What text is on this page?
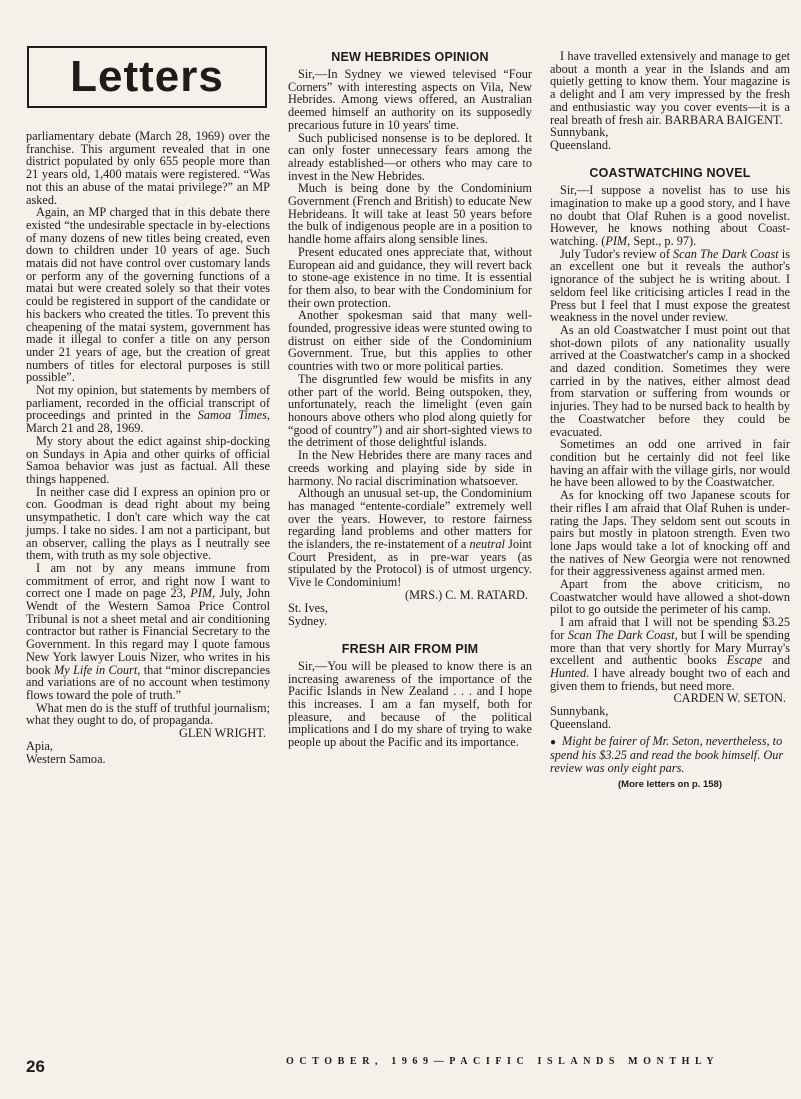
Letters

parliamentary debate (March 28, 1969) over the franchise. This argument revealed that in one district populated by only 655 people more than 21 years old, 1,400 matais were registered. “Was not this an abuse of the matai privilege?” an MP asked.

Again, an MP charged that in this debate there existed “the undesirable spectacle in by-elections of many dozens of new titles being created, even down to children under 10 years of age. Such matais did not have control over customary lands or perform any of the governing functions of a matai but were created solely so that their votes could be registered in support of the candidate or his backers who created the titles. To prevent this cheapening of the matai system, government has made it illegal to confer a title on any person under 21 years of age, but the creation of great numbers of titles for electoral purposes is still possible”.

Not my opinion, but statements by members of parliament, recorded in the official transcript of proceedings and printed in the Samoa Times, March 21 and 28, 1969.

My story about the edict against ship-docking on Sundays in Apia and other quirks of official Samoa behavior was just as factual. All these things happened.

In neither case did I express an opinion pro or con. Goodman is dead right about my being unsympathetic. I don't care which way the cat jumps. I take no sides. I am not a participant, but an observer, calling the plays as I neutrally see them, with truth as my sole objective.

I am not by any means immune from commitment of error, and right now I want to correct one I made on page 23, PIM, July, John Wendt of the Western Samoa Price Control Tribunal is not a sheet metal and air conditioning contractor but rather is Financial Secretary to the Government. In this regard may I quote famous New York lawyer Louis Nizer, who writes in his book My Life in Court, that “minor discrepancies and variations are of no account when testimony flows toward the pole of truth.”

What men do is the stuff of truthful journalism; what they ought to do, of propaganda.

GLEN WRIGHT.

Apia,

Western Samoa.

NEW HEBRIDES OPINION

Sir,—In Sydney we viewed televised “Four Corners” with interesting aspects on Vila, New Hebrides. Among views offered, an Australian deemed himself an authority on its supposedly precarious future in 10 years' time.

Such publicised nonsense is to be deplored. It can only foster unnecessary fears among the already established—or others who may care to invest in the New Hebrides.

Much is being done by the Condominium Government (French and British) to educate New Hebrideans. It will take at least 50 years before the bulk of indigenous people are in a position to handle home affairs along sensible lines.

Present educated ones appreciate that, without European aid and guidance, they will revert back to stone-age existence in no time. It is essential for them also, to bear with the Condominium for their own protection.

Another spokesman said that many well-founded, progressive ideas were stunted owing to distrust on either side of the Condominium Government. True, but this applies to other countries with two or more political parties.

The disgruntled few would be misfits in any other part of the world. Being outspoken, they, unfortunately, reach the limelight (even gain honours above others who plod along quietly for “good of country”) and air short-sighted views to the detriment of those delightful islands.

In the New Hebrides there are many races and creeds working and playing side by side in harmony. No racial discrimination whatsoever.

Although an unusual set-up, the Condominium has managed “entente-cordiale” extremely well over the years. However, to restore fairness regarding land problems and other matters for the islanders, the re-instatement of a neutral Joint Court President, as in pre-war years (as stipulated by the Protocol) is of utmost urgency. Vive le Condominium!

(MRS.) C. M. RATARD.

St. Ives,

Sydney.

FRESH AIR FROM PIM

Sir,—You will be pleased to know there is an increasing awareness of the importance of the Pacific Islands in New Zealand . . . and I hope this increases. I am a fan myself, both for pleasure, and because of the political implications and I do my share of trying to wake people up about the Pacific and its importance.

I have travelled extensively and manage to get about a month a year in the Islands and am quietly getting to know them. Your magazine is a delight and I am very impressed by the fresh and enthusiastic way you cover events—it is a real breath of fresh air. BARBARA BAIGENT.

Sunnybank,

Queensland.

COASTWATCHING NOVEL

Sir,—I suppose a novelist has to use his imagination to make up a good story, and I have no doubt that Olaf Ruhen is a good novelist. However, he knows nothing about Coast-watching. (PIM, Sept., p. 97).

July Tudor's review of Scan The Dark Coast is an excellent one but it reveals the author's ignorance of the subject he is writing about. I seldom feel like criticising articles I read in the Press but I feel that I must expose the greatest weakness in the novel under review.

As an old Coastwatcher I must point out that shot-down pilots of any nationality usually arrived at the Coastwatcher's camp in a shocked and dazed condition. Sometimes they were carried in by the natives, either almost dead from starvation or suffering from wounds or injuries. They had to be nursed back to health by the Coastwatcher before they could be evacuated.

Sometimes an odd one arrived in fair condition but he certainly did not feel like having an affair with the village girls, nor would he have been allowed to by the Coastwatcher.

As for knocking off two Japanese scouts for their rifles I am afraid that Olaf Ruhen is under-rating the Japs. They seldom sent out scouts in pairs but mostly in platoon strength. Even two lone Japs would take a lot of knocking off and the natives of New Georgia were not renowned for their aggressiveness against armed men.

Apart from the above criticism, no Coastwatcher would have allowed a shot-down pilot to go outside the perimeter of his camp.

I am afraid that I will not be spending $3.25 for Scan The Dark Coast, but I will be spending more than that very shortly for Mary Murray's excellent and authentic books Escape and Hunted. I have already bought two of each and given them to friends, but need more.

CARDEN W. SETON.

Sunnybank,

Queensland.

● Might be fairer of Mr. Seton, nevertheless, to spend his $3.25 and read the book himself. Our review was only eight pars.

(More letters on p. 158)

26	OCTOBER, 1969—PACIFIC ISLANDS MONTHLY
